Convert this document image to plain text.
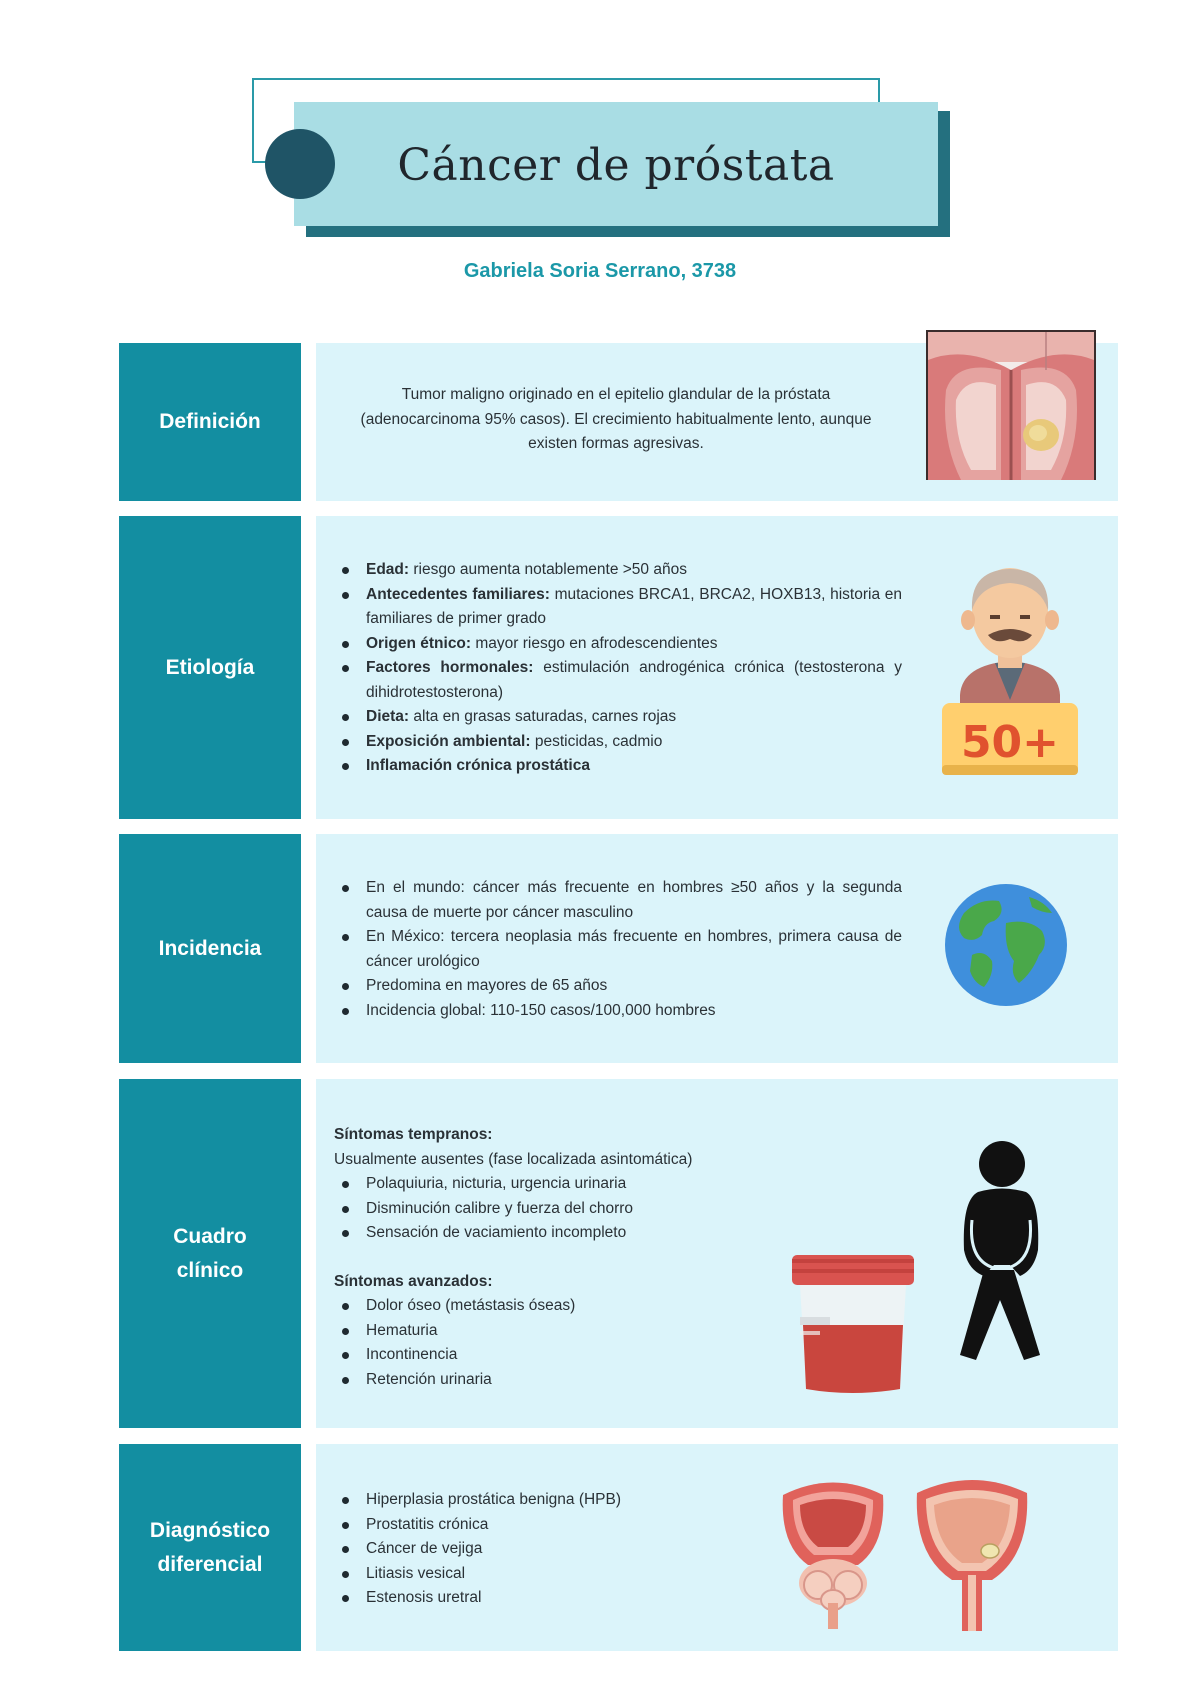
Cáncer de próstata
Gabriela Soria Serrano, 3738
Definición
Tumor maligno originado en el epitelio glandular de la próstata (adenocarcinoma 95% casos). El crecimiento habitualmente lento, aunque existen formas agresivas.
Etiología
Edad: riesgo aumenta notablemente >50 años
Antecedentes familiares: mutaciones BRCA1, BRCA2, HOXB13, historia en familiares de primer grado
Origen étnico: mayor riesgo en afrodescendientes
Factores hormonales: estimulación androgénica crónica (testosterona y dihidrotestosterona)
Dieta: alta en grasas saturadas, carnes rojas
Exposición ambiental: pesticidas, cadmio
Inflamación crónica prostática	50+
Incidencia
En el mundo: cáncer más frecuente en hombres ≥50 años y la segunda causa de muerte por cáncer masculino
En México: tercera neoplasia más frecuente en hombres, primera causa de cáncer urológico
Predomina en mayores de 65 años
Incidencia global: 110-150 casos/100,000 hombres
Cuadro clínico
Síntomas tempranos:
Usualmente ausentes (fase localizada asintomática)
Polaquiuria, nicturia, urgencia urinaria
Disminución calibre y fuerza del chorro
Sensación de vaciamiento incompleto
Síntomas avanzados:
Dolor óseo (metástasis óseas)
Hematuria
Incontinencia
Retención urinaria
Diagnóstico diferencial
Hiperplasia prostática benigna (HPB)
Prostatitis crónica
Cáncer de vejiga
Litiasis vesical
Estenosis uretral
